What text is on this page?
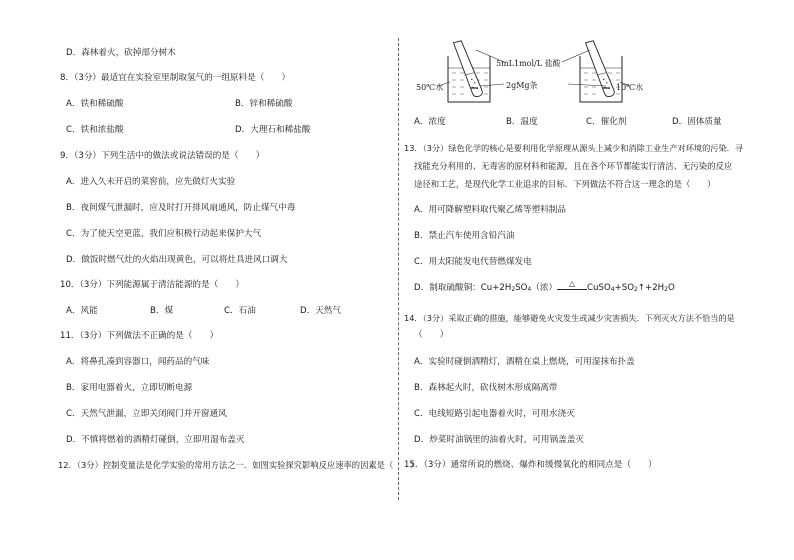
D．森林着火，砍掉部分树木
8．（3分）最适宜在实验室里制取氢气的一组原料是（　　）
A．铁和稀硫酸	B．锌和稀硫酸
C．铁和浓盐酸	D．大理石和稀盐酸
9．（3分）下列生活中的做法或说法错误的是（　　）
A．进入久未开启的菜窖前，应先做灯火实验
B．夜间煤气泄漏时，应及时打开排风扇通风，防止煤气中毒
C．为了使天空更蓝，我们应积极行动起来保护大气
D．做饭时燃气灶的火焰出现黄色，可以将灶具进风口调大
10．（3分）下列能源属于清洁能源的是（　　）
A．风能	B．煤	C．石油	D．天然气
11．（3分）下列做法不正确的是（　　）
A．将鼻孔凑到容器口，闻药品的气味
B．家用电器着火，立即切断电源
C．天然气泄漏，立即关闭阀门并开窗通风
D．不慎将燃着的酒精灯碰倒，立即用湿布盖灭
12．（3分）控制变量法是化学实验的常用方法之一．如图实验探究影响反应速率的因素是（　　）
5mL1mol/L 盐酸
2gMg条
50℃水	10℃水
A．浓度	B．温度	C．催化剂	D．固体质量
13．（3分）绿色化学的核心是要利用化学原理从源头上减少和消除工业生产对环境的污染．寻
找能充分利用的、无毒害的原材料和能源，且在各个环节都能实行清洁、无污染的反应
途径和工艺，是现代化学工业追求的目标．下列做法不符合这一理念的是（　　）
A．用可降解塑料取代聚乙烯等塑料制品
B．禁止汽车使用含铅汽油
C．用太阳能发电代替燃煤发电
D．制取硫酸铜：$Cu+2H_2SO_4$（浓）	△	$CuSO_4+SO_2↑+2H_2O$
14．（3分）采取正确的措施，能够避免火灾发生或减少灾害损失．下列灭火方法不恰当的是
（　　）
A．实验时碰倒酒精灯，酒精在桌上燃烧，可用湿抹布扑盖
B．森林起火时，砍伐树木形成隔离带
C．电线短路引起电器着火时，可用水浇灭
D．炒菜时油锅里的油着火时，可用锅盖盖灭
15．（3分）通常所说的燃烧、爆炸和缓慢氧化的相同点是（　　）
